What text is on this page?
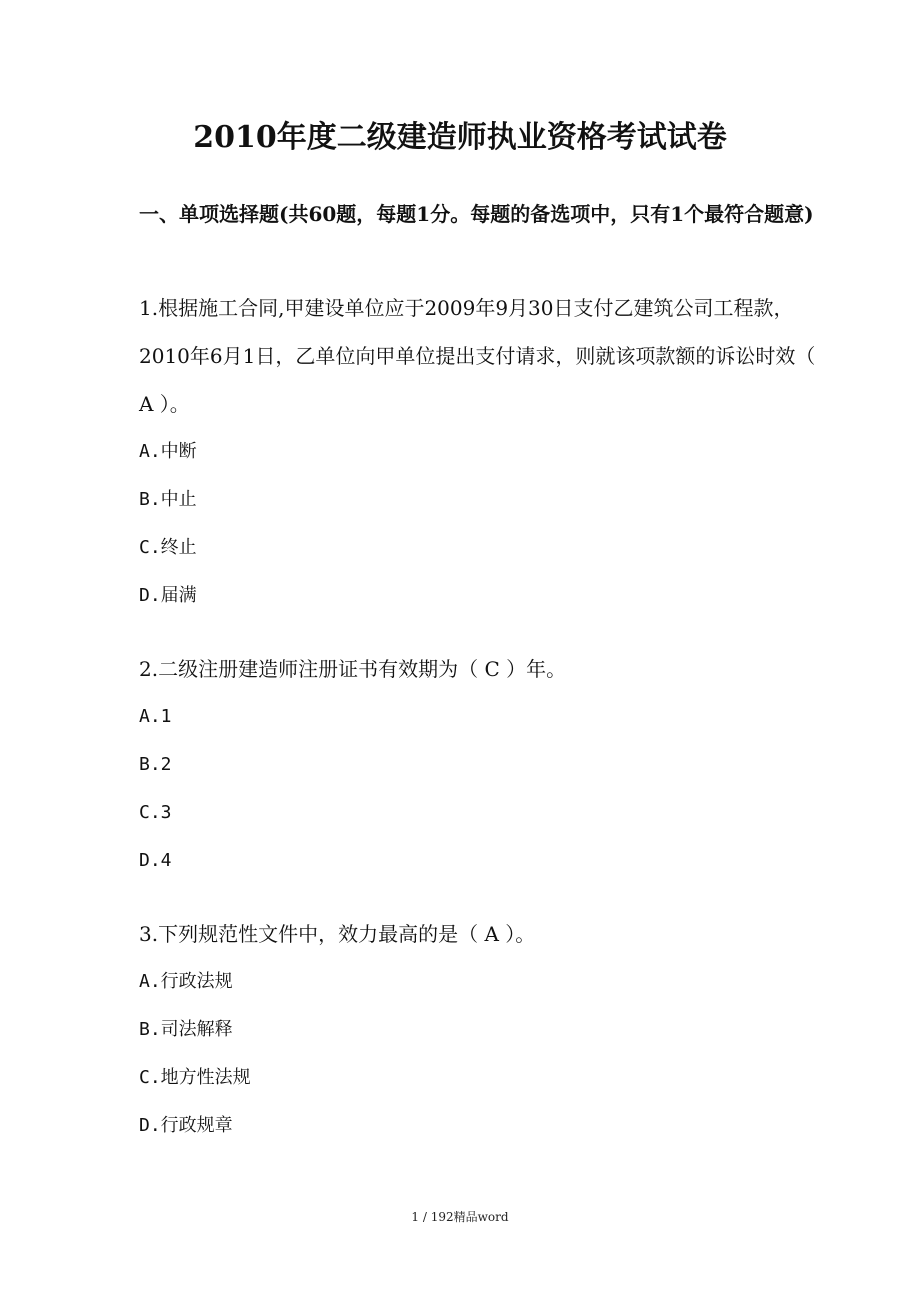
2010年度二级建造师执业资格考试试卷
一、单项选择题(共60题，每题1分。每题的备选项中，只有1个最符合题意)
1.根据施工合同,甲建设单位应于2009年9月30日支付乙建筑公司工程款，2010年6月1日，乙单位向甲单位提出支付请求，则就该项款额的诉讼时效（ A ）。
A.中断
B.中止
C.终止
D.届满
2.二级注册建造师注册证书有效期为（ C ）年。
A.1
B.2
C.3
D.4
3.下列规范性文件中，效力最高的是（ A ）。
A.行政法规
B.司法解释
C.地方性法规
D.行政规章
1 / 192精品word
